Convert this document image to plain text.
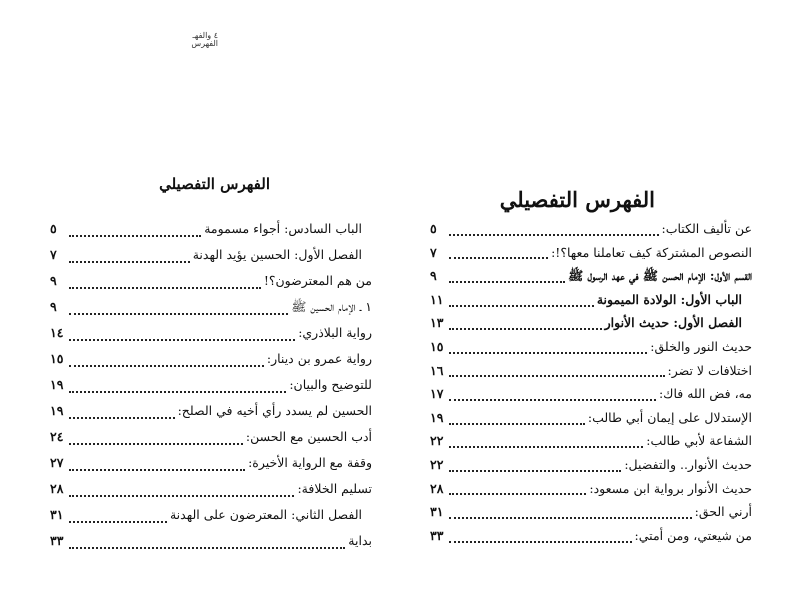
٤ والفهـ
الفهرس
الفهرس التفصيلي
الفهرس التفصيلي
الباب السادس: أجواء مسمومة
٥
الفصل الأول: الحسين يؤيد الهدنة
٧
من هم المعترضون؟!
٩
١ ـ الإمام الحسين ﷺ
٩
رواية البلاذري:
١٤
رواية عمرو بن دينار:
١٥
للتوضيح والبيان:
١٩
الحسين لم يسدد رأي أخيه في الصلح:
١٩
أدب الحسين مع الحسن:
٢٤
وقفة مع الرواية الأخيرة:
٢٧
تسليم الخلافة:
٢٨
الفصل الثاني: المعترضون على الهدنة
٣١
بداية
٣٣
عن تأليف الكتاب:
٥
النصوص المشتركة كيف تعاملنا معها؟!:
٧
القسم الأول: الإمام الحسن ﷺ في عهد الرسول ﷺ
٩
الباب الأول: الولادة الميمونة
١١
الفصل الأول: حديث الأنوار
١٣
حديث النور والخلق:
١٥
اختلافات لا تضر:
١٦
مه، فض الله فاك:
١٧
الإستدلال على إيمان أبي طالب:
١٩
الشفاعة لأبي طالب:
٢٢
حديث الأنوار.. والتفضيل:
٢٢
حديث الأنوار برواية ابن مسعود:
٢٨
أرني الحق:
٣١
من شيعتي، ومن أمتي:
٣٣
